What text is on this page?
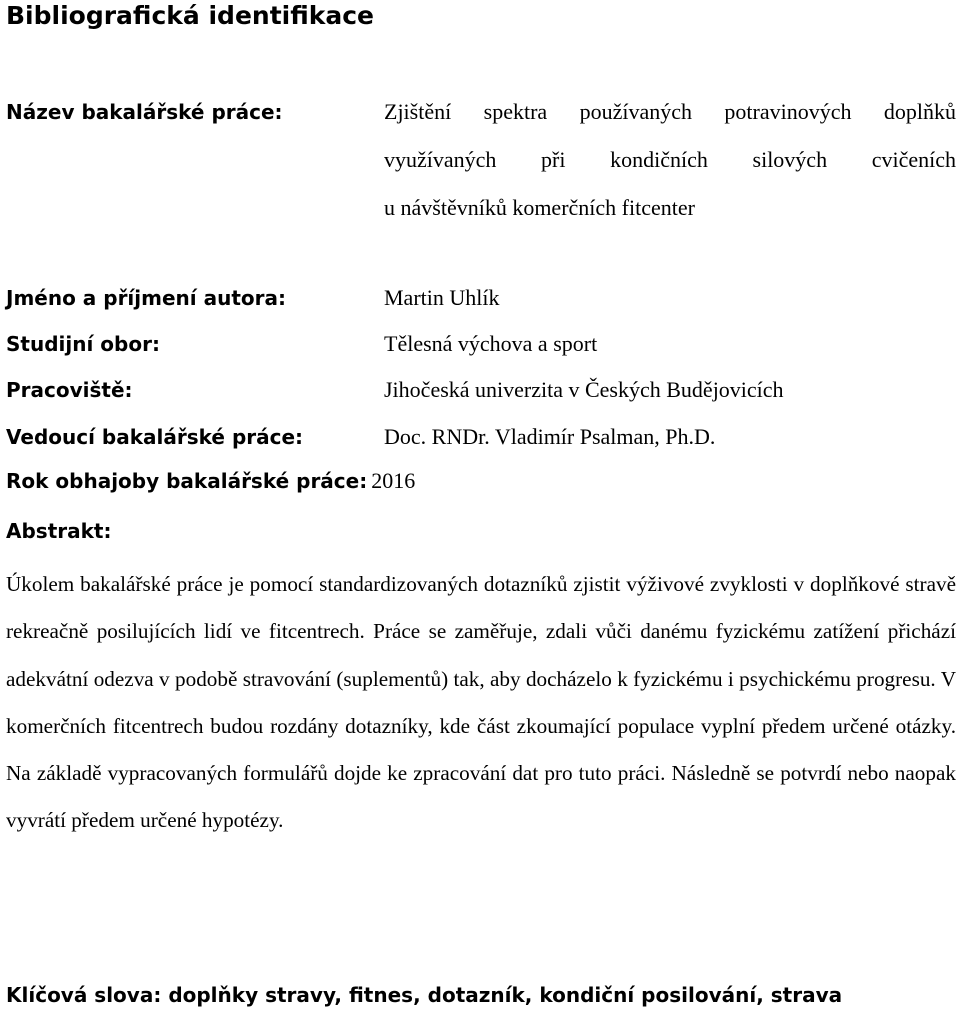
Bibliografická identifikace
Název bakalářské práce:	Zjištění spektra používaných potravinových doplňků
využívaných při kondičních silových cvičeních
u návštěvníků komerčních fitcenter
Jméno a příjmení autora:	Martin Uhlík
Studijní obor:	Tělesná výchova a sport
Pracoviště:	Jihočeská univerzita v Českých Budějovicích
Vedoucí bakalářské práce:	Doc. RNDr. Vladimír Psalman, Ph.D.
Rok obhajoby bakalářské práce: 2016
Abstrakt:

Úkolem bakalářské práce je pomocí standardizovaných dotazníků zjistit výživové zvyklosti v doplňkové stravě rekreačně posilujících lidí ve fitcentrech. Práce se zaměřuje, zdali vůči danému fyzickému zatížení přichází adekvátní odezva v podobě stravování (suplementů) tak, aby docházelo k fyzickému i psychickému progresu. V komerčních fitcentrech budou rozdány dotazníky, kde část zkoumající populace vyplní předem určené otázky. Na základě vypracovaných formulářů dojde ke zpracování dat pro tuto práci. Následně se potvrdí nebo naopak vyvrátí předem určené hypotézy.

Klíčová slova: doplňky stravy, fitnes, dotazník, kondiční posilování, strava
